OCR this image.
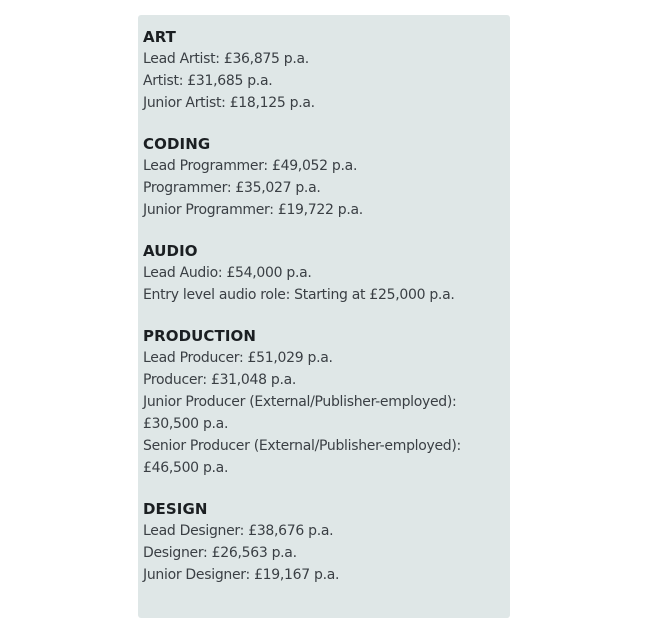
ART
Lead Artist: £36,875 p.a.
Artist: £31,685 p.a.
Junior Artist: £18,125 p.a.
CODING
Lead Programmer: £49,052 p.a.
Programmer: £35,027 p.a.
Junior Programmer: £19,722 p.a.
AUDIO
Lead Audio: £54,000 p.a.
Entry level audio role: Starting at £25,000 p.a.
PRODUCTION
Lead Producer: £51,029 p.a.
Producer: £31,048 p.a.
Junior Producer (External/Publisher-employed):
£30,500 p.a.
Senior Producer (External/Publisher-employed):
£46,500 p.a.
DESIGN
Lead Designer: £38,676 p.a.
Designer: £26,563 p.a.
Junior Designer: £19,167 p.a.
